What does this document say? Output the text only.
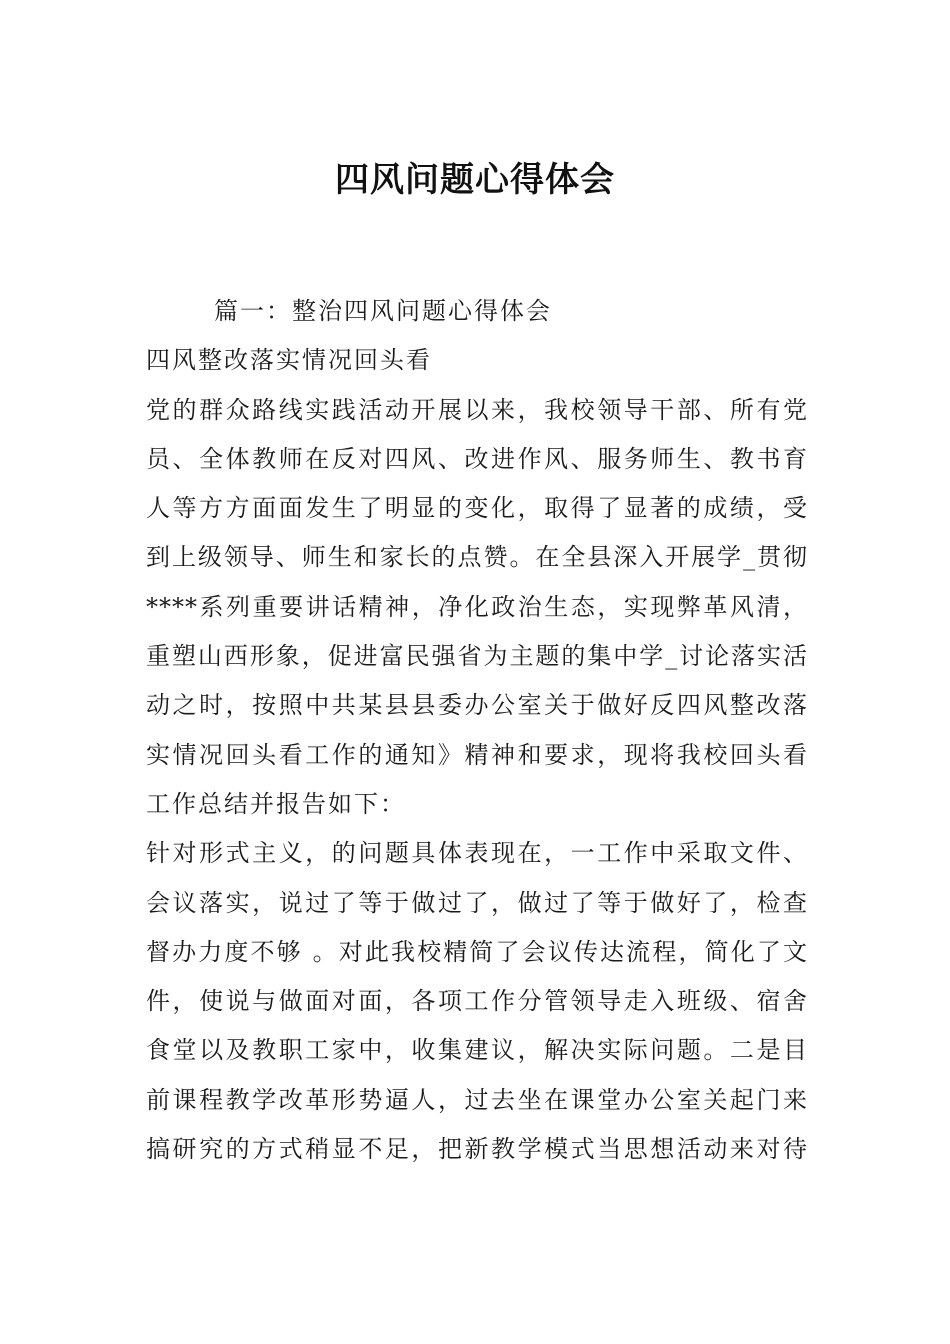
四风问题心得体会
篇一：整治四风问题心得体会
四风整改落实情况回头看
党的群众路线实践活动开展以来，我校领导干部、所有党
员、全体教师在反对四风、改进作风、服务师生、教书育
人等方方面面发生了明显的变化，取得了显著的成绩，受
到上级领导、师生和家长的点赞。在全县深入开展学_贯彻
****系列重要讲话精神，净化政治生态，实现弊革风清，
重塑山西形象，促进富民强省为主题的集中学_讨论落实活
动之时，按照中共某县县委办公室关于做好反四风整改落
实情况回头看工作的通知》精神和要求，现将我校回头看
工作总结并报告如下：
针对形式主义，的问题具体表现在，一工作中采取文件、
会议落实，说过了等于做过了，做过了等于做好了，检查
督办力度不够 。对此我校精简了会议传达流程，简化了文
件，使说与做面对面，各项工作分管领导走入班级、宿舍
食堂以及教职工家中，收集建议，解决实际问题。二是目
前课程教学改革形势逼人，过去坐在课堂办公室关起门来
搞研究的方式稍显不足，把新教学模式当思想活动来对待
